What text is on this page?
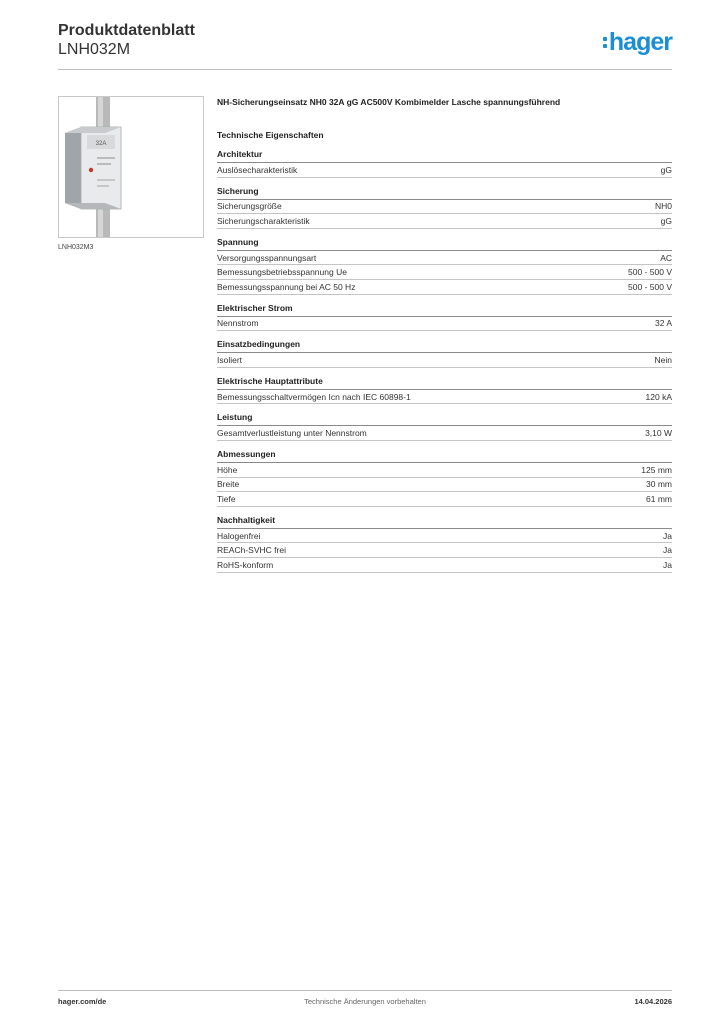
Produktdatenblatt
LNH032M	hager
32A
LNH032M3
NH-Sicherungseinsatz NH0 32A gG AC500V Kombimelder Lasche spannungsführend
Technische Eigenschaften
Architektur
Auslösecharakteristik	gG
Sicherung
Sicherungsgröße	NH0
Sicherungscharakteristik	gG
Spannung
Versorgungsspannungsart	AC
Bemessungsbetriebsspannung Ue	500 - 500 V
Bemessungsspannung bei AC 50 Hz	500 - 500 V
Elektrischer Strom
Nennstrom	32 A
Einsatzbedingungen
Isoliert	Nein
Elektrische Hauptattribute
Bemessungsschaltvermögen Icn nach IEC 60898-1	120 kA
Leistung
Gesamtverlustleistung unter Nennstrom	3,10 W
Abmessungen
Höhe	125 mm
Breite	30 mm
Tiefe	61 mm
Nachhaltigkeit
Halogenfrei	Ja
REACh-SVHC frei	Ja
RoHS-konform	Ja
hager.com/de	Technische Änderungen vorbehalten	14.04.2026
